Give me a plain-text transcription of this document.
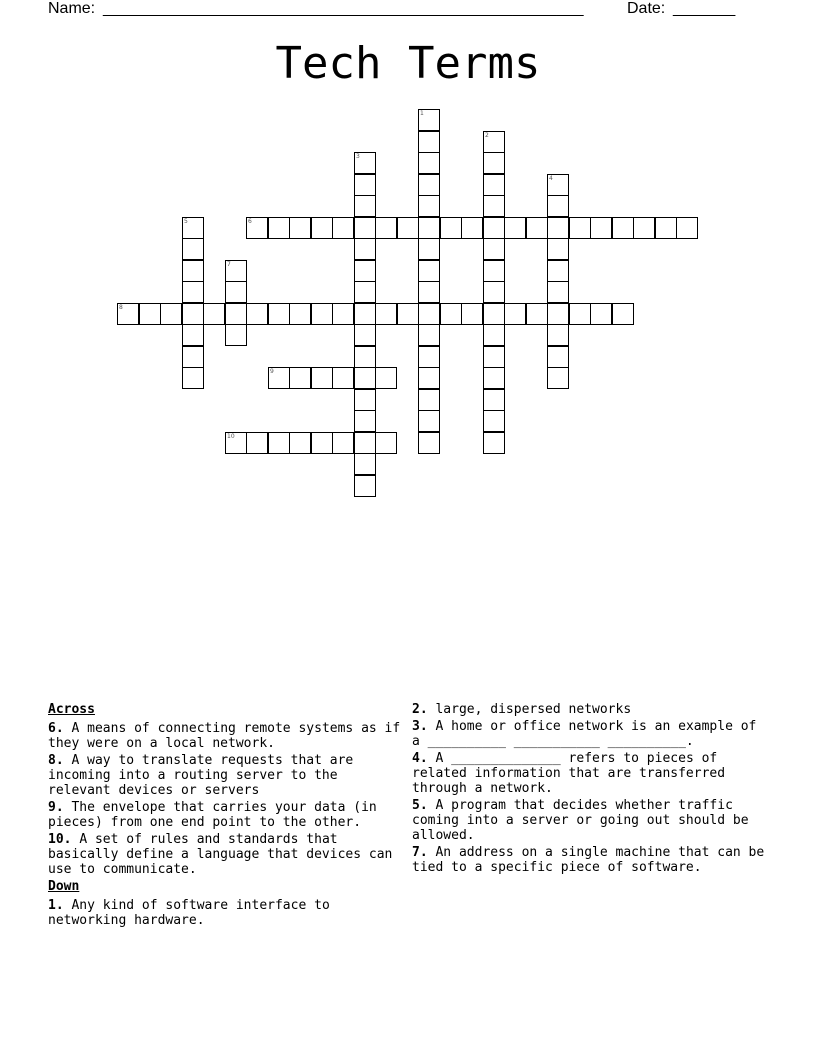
Name: ______________________________________________________	Date: _______
Tech Terms
1
2
3
4
5	6
7
8
9
10
Across
6. A means of connecting remote systems as if they were on a local network.
8. A way to translate requests that are incoming into a routing server to the relevant devices or servers
9. The envelope that carries your data (in pieces) from one end point to the other.
10. A set of rules and standards that basically define a language that devices can use to communicate.
Down
1. Any kind of software interface to networking hardware.
2. large, dispersed networks
3. A home or office network is an example of a __________ ___________ __________.
4. A ______________ refers to pieces of related information that are transferred through a network.
5. A program that decides whether traffic coming into a server or going out should be allowed.
7. An address on a single machine that can be tied to a specific piece of software.
